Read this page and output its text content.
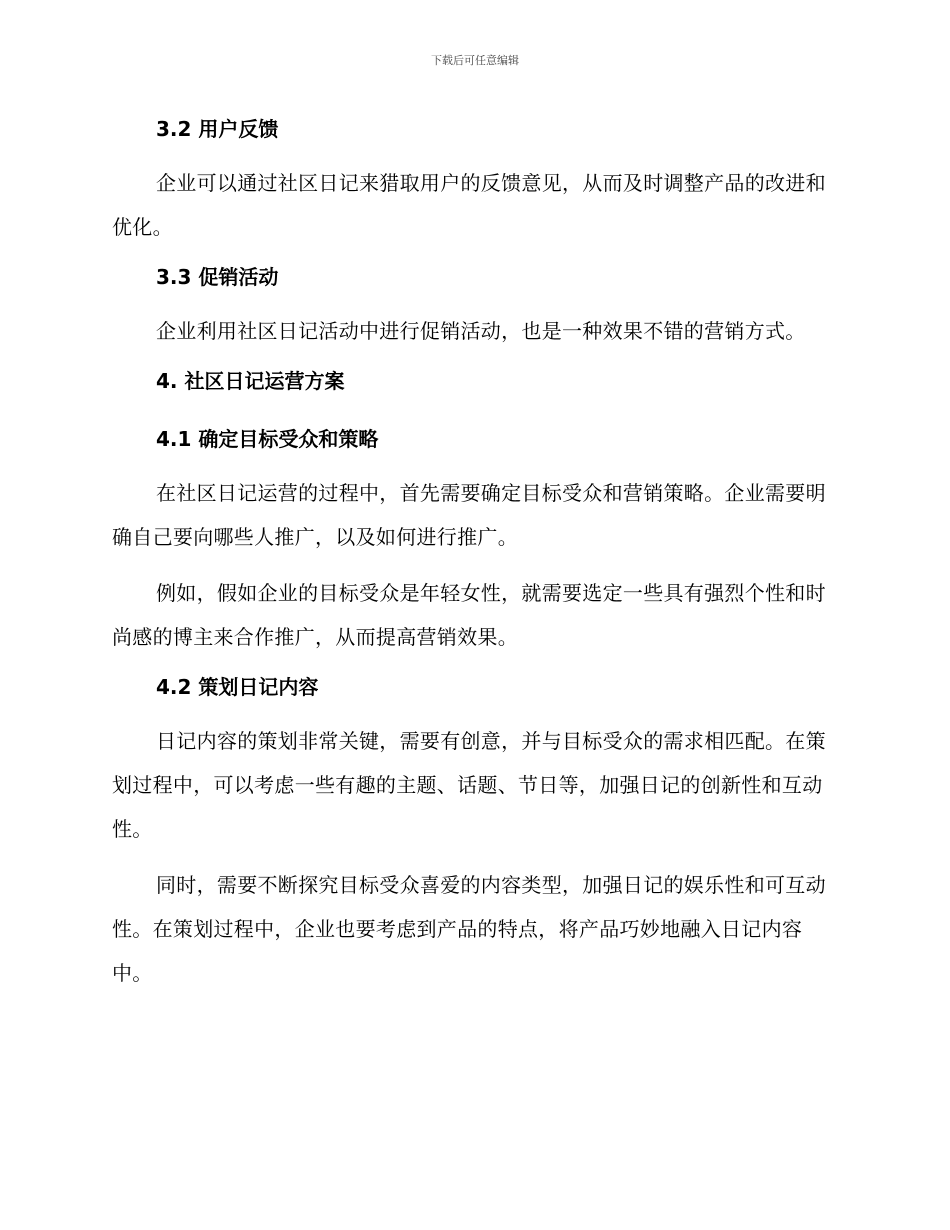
下载后可任意编辑
3.2 用户反馈

企业可以通过社区日记来猎取用户的反馈意见，从而及时调整产品的改进和优化。

3.3 促销活动

企业利用社区日记活动中进行促销活动，也是一种效果不错的营销方式。

4. 社区日记运营方案
4.1 确定目标受众和策略

在社区日记运营的过程中，首先需要确定目标受众和营销策略。企业需要明确自己要向哪些人推广，以及如何进行推广。

例如，假如企业的目标受众是年轻女性，就需要选定一些具有强烈个性和时尚感的博主来合作推广，从而提高营销效果。

4.2 策划日记内容

日记内容的策划非常关键，需要有创意，并与目标受众的需求相匹配。在策划过程中，可以考虑一些有趣的主题、话题、节日等，加强日记的创新性和互动性。

同时，需要不断探究目标受众喜爱的内容类型，加强日记的娱乐性和可互动性。在策划过程中，企业也要考虑到产品的特点，将产品巧妙地融入日记内容中。
